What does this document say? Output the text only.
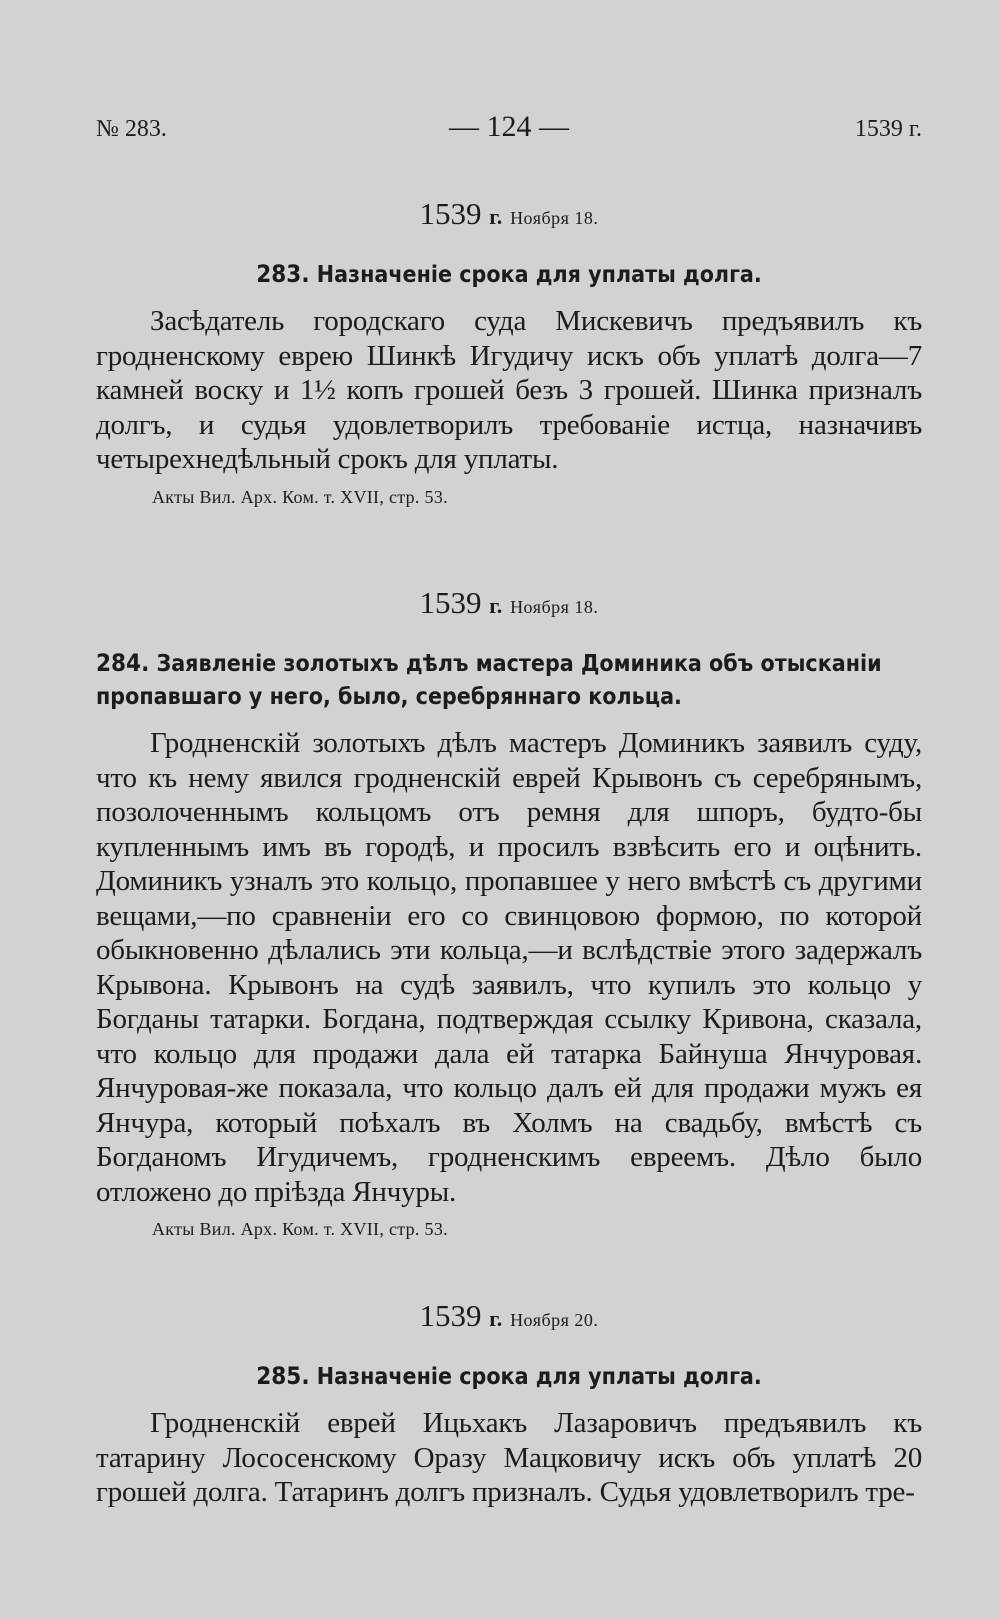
№ 283.	— 124 —	1539 г.
1539 г. Ноября 18.
283. Назначеніе срока для уплаты долга.
Засѣдатель городскаго суда Мискевичъ предъявилъ къ гродненскому еврею Шинкѣ Игудичу искъ объ уплатѣ долга—7 камней воску и 1½ копъ грошей безъ 3 грошей. Шинка призналъ долгъ, и судья удовлетворилъ требованіе истца, назначивъ четырехнедѣльный срокъ для уплаты.
Акты Вил. Арх. Ком. т. XVII, стр. 53.
1539 г. Ноября 18.
284. Заявленіе золотыхъ дѣлъ мастера Доминика объ отысканіи пропавшаго у него, было, серебряннаго кольца.
Гродненскій золотыхъ дѣлъ мастеръ Доминикъ заявилъ суду, что къ нему явился гродненскій еврей Крывонъ съ серебрянымъ, позолоченнымъ кольцомъ отъ ремня для шпоръ, будто-бы купленнымъ имъ въ городѣ, и просилъ взвѣсить его и оцѣнить. Доминикъ узналъ это кольцо, пропавшее у него вмѣстѣ съ другими вещами,—по сравненіи его со свинцовою формою, по которой обыкновенно дѣлались эти кольца,—и вслѣдствіе этого задержалъ Крывона. Крывонъ на судѣ заявилъ, что купилъ это кольцо у Богданы татарки. Богдана, подтверждая ссылку Кривона, сказала, что кольцо для продажи дала ей татарка Байнуша Янчуровая. Янчуровая-же показала, что кольцо далъ ей для продажи мужъ ея Янчура, который поѣхалъ въ Холмъ на свадьбу, вмѣстѣ съ Богданомъ Игудичемъ, гродненскимъ евреемъ. Дѣло было отложено до пріѣзда Янчуры.
Акты Вил. Арх. Ком. т. XVII, стр. 53.
1539 г. Ноября 20.
285. Назначеніе срока для уплаты долга.
Гродненскій еврей Ицьхакъ Лазаровичъ предъявилъ къ татарину Лососенскому Оразу Мацковичу искъ объ уплатѣ 20 грошей долга. Татаринъ долгъ призналъ. Судья удовлетворилъ тре-
